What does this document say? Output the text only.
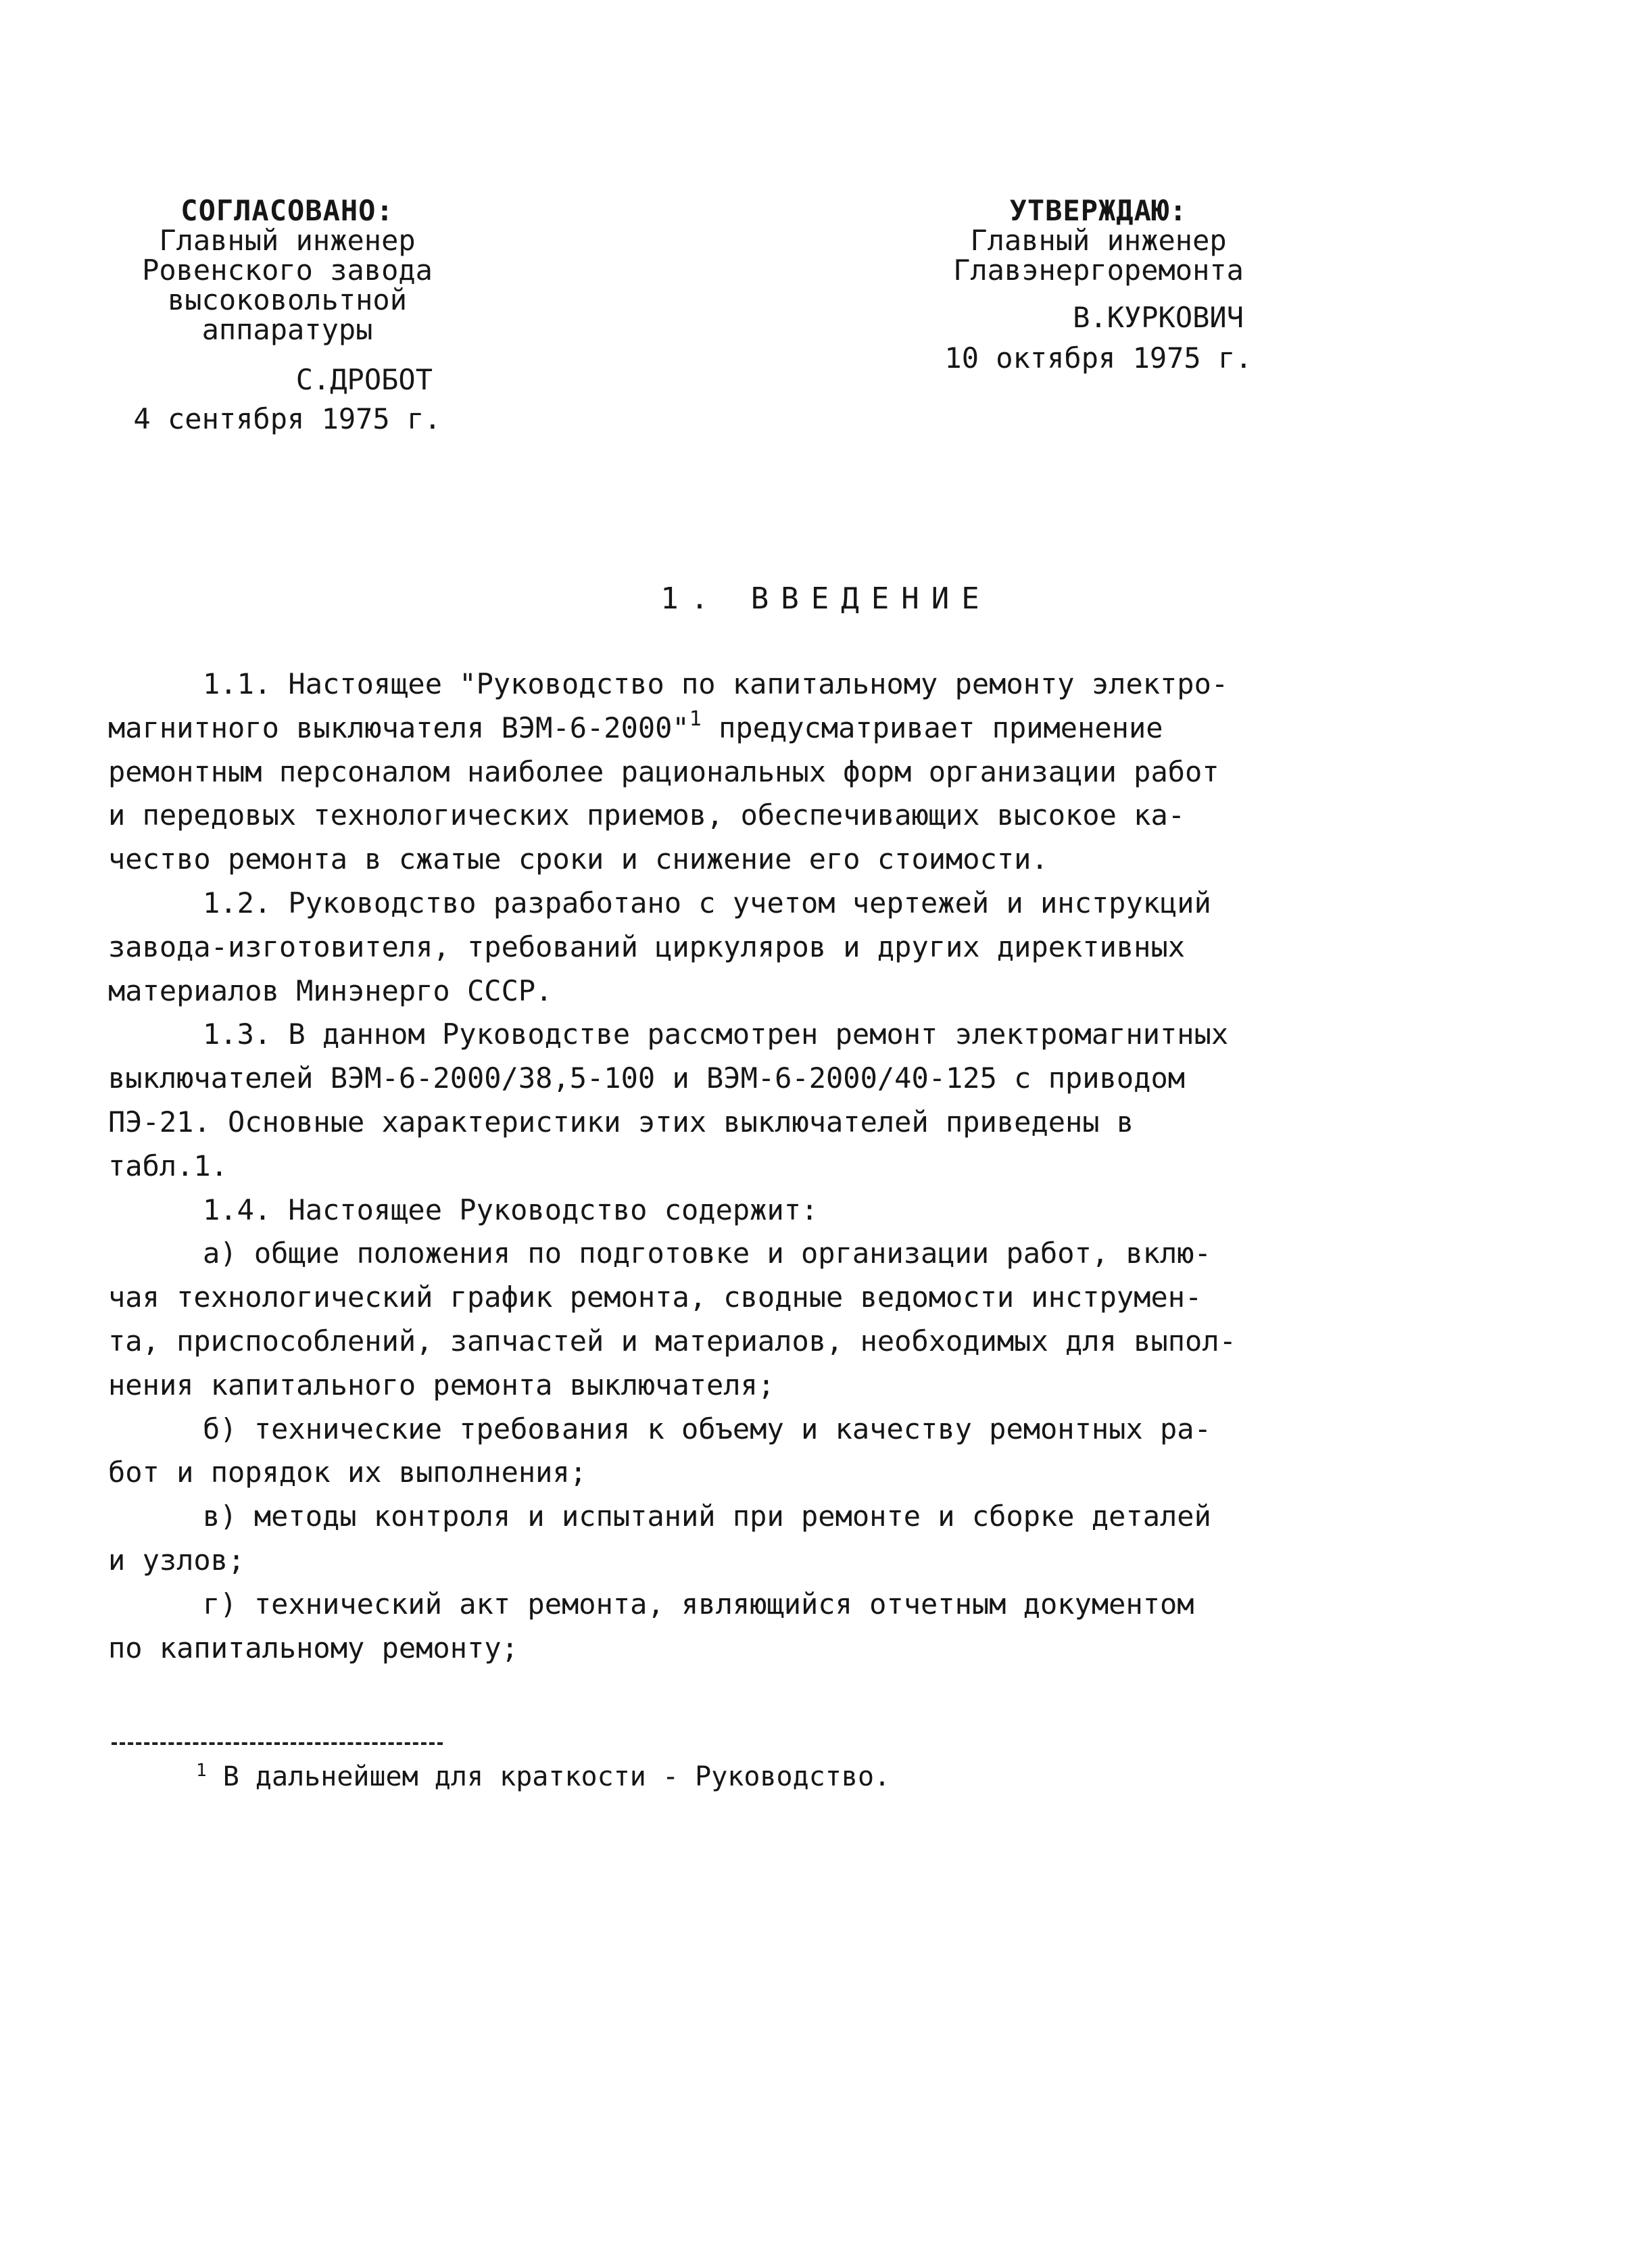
СОГЛАСОВАНО:
Главный инженер
Ровенского завода
высоковольтной
аппаратуры
С.ДРОБОТ
4 сентября 1975 г.
УТВЕРЖДАЮ:
Главный инженер
Главэнергоремонта
В.КУРКОВИЧ
10 октября 1975 г.
1. ВВЕДЕНИЕ
1.1. Настоящее "Руководство по капитальному ремонту электро-
магнитного выключателя ВЭМ-6-2000"$^1$ предусматривает применение
ремонтным персоналом наиболее рациональных форм организации работ
и передовых технологических приемов, обеспечивающих высокое ка-
чество ремонта в сжатые сроки и снижение его стоимости.
1.2. Руководство разработано с учетом чертежей и инструкций
завода-изготовителя, требований циркуляров и других директивных
материалов Минэнерго СССР.
1.3. В данном Руководстве рассмотрен ремонт электромагнитных
выключателей ВЭМ-6-2000/38,5-100 и ВЭМ-6-2000/40-125 с приводом
ПЭ-21. Основные характеристики этих выключателей приведены в
табл.1.
1.4. Настоящее Руководство содержит:
а) общие положения по подготовке и организации работ, вклю-
чая технологический график ремонта, сводные ведомости инструмен-
та, приспособлений, запчастей и материалов, необходимых для выпол-
нения капитального ремонта выключателя;
б) технические требования к объему и качеству ремонтных ра-
бот и порядок их выполнения;
в) методы контроля и испытаний при ремонте и сборке деталей
и узлов;
г) технический акт ремонта, являющийся отчетным документом
по капитальному ремонту;
$^1$ В дальнейшем для краткости - Руководство.
